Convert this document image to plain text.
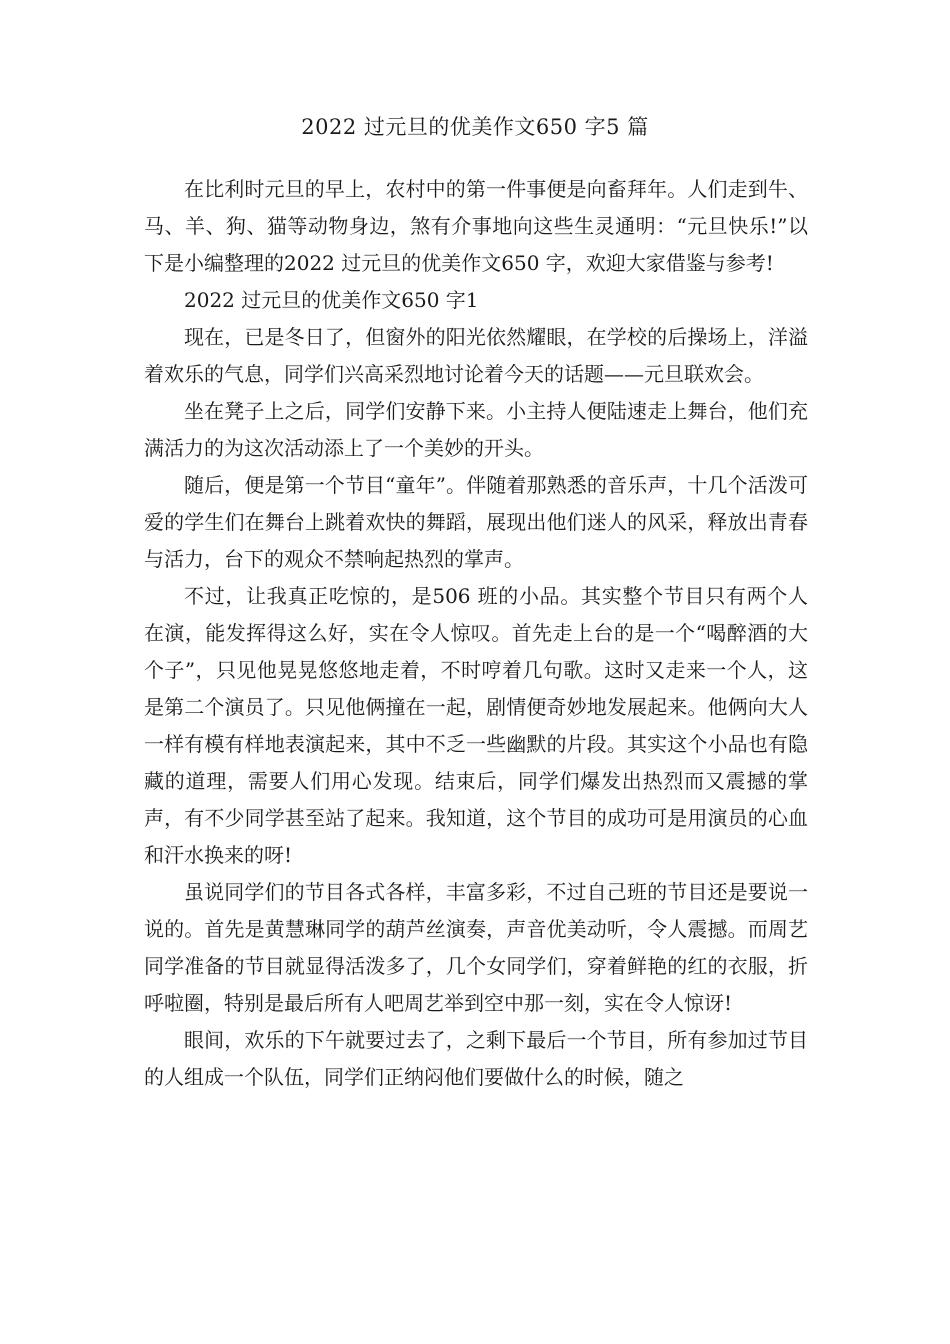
2022 过元旦的优美作文650 字5 篇

在比利时元旦的早上，农村中的第一件事便是向畜拜年。人们走到牛、马、羊、狗、猫等动物身边，煞有介事地向这些生灵通明：“元旦快乐!”以下是小编整理的2022 过元旦的优美作文650 字，欢迎大家借鉴与参考!

2022 过元旦的优美作文650 字1

现在，已是冬日了，但窗外的阳光依然耀眼，在学校的后操场上，洋溢着欢乐的气息，同学们兴高采烈地讨论着今天的话题——元旦联欢会。

坐在凳子上之后，同学们安静下来。小主持人便陆速走上舞台，他们充满活力的为这次活动添上了一个美妙的开头。

随后，便是第一个节目“童年”。伴随着那熟悉的音乐声，十几个活泼可爱的学生们在舞台上跳着欢快的舞蹈，展现出他们迷人的风采，释放出青春与活力，台下的观众不禁响起热烈的掌声。

不过，让我真正吃惊的，是506 班的小品。其实整个节目只有两个人在演，能发挥得这么好，实在令人惊叹。首先走上台的是一个“喝醉酒的大个子”，只见他晃晃悠悠地走着，不时哼着几句歌。这时又走来一个人，这是第二个演员了。只见他俩撞在一起，剧情便奇妙地发展起来。他俩向大人一样有模有样地表演起来，其中不乏一些幽默的片段。其实这个小品也有隐藏的道理，需要人们用心发现。结束后，同学们爆发出热烈而又震撼的掌声，有不少同学甚至站了起来。我知道，这个节目的成功可是用演员的心血和汗水换来的呀!

虽说同学们的节目各式各样，丰富多彩，不过自己班的节目还是要说一说的。首先是黄慧琳同学的葫芦丝演奏，声音优美动听，令人震撼。而周艺同学准备的节目就显得活泼多了，几个女同学们，穿着鲜艳的红的衣服，折呼啦圈，特别是最后所有人吧周艺举到空中那一刻，实在令人惊讶!

眼间，欢乐的下午就要过去了，之剩下最后一个节目，所有参加过节目的人组成一个队伍，同学们正纳闷他们要做什么的时候，随之
